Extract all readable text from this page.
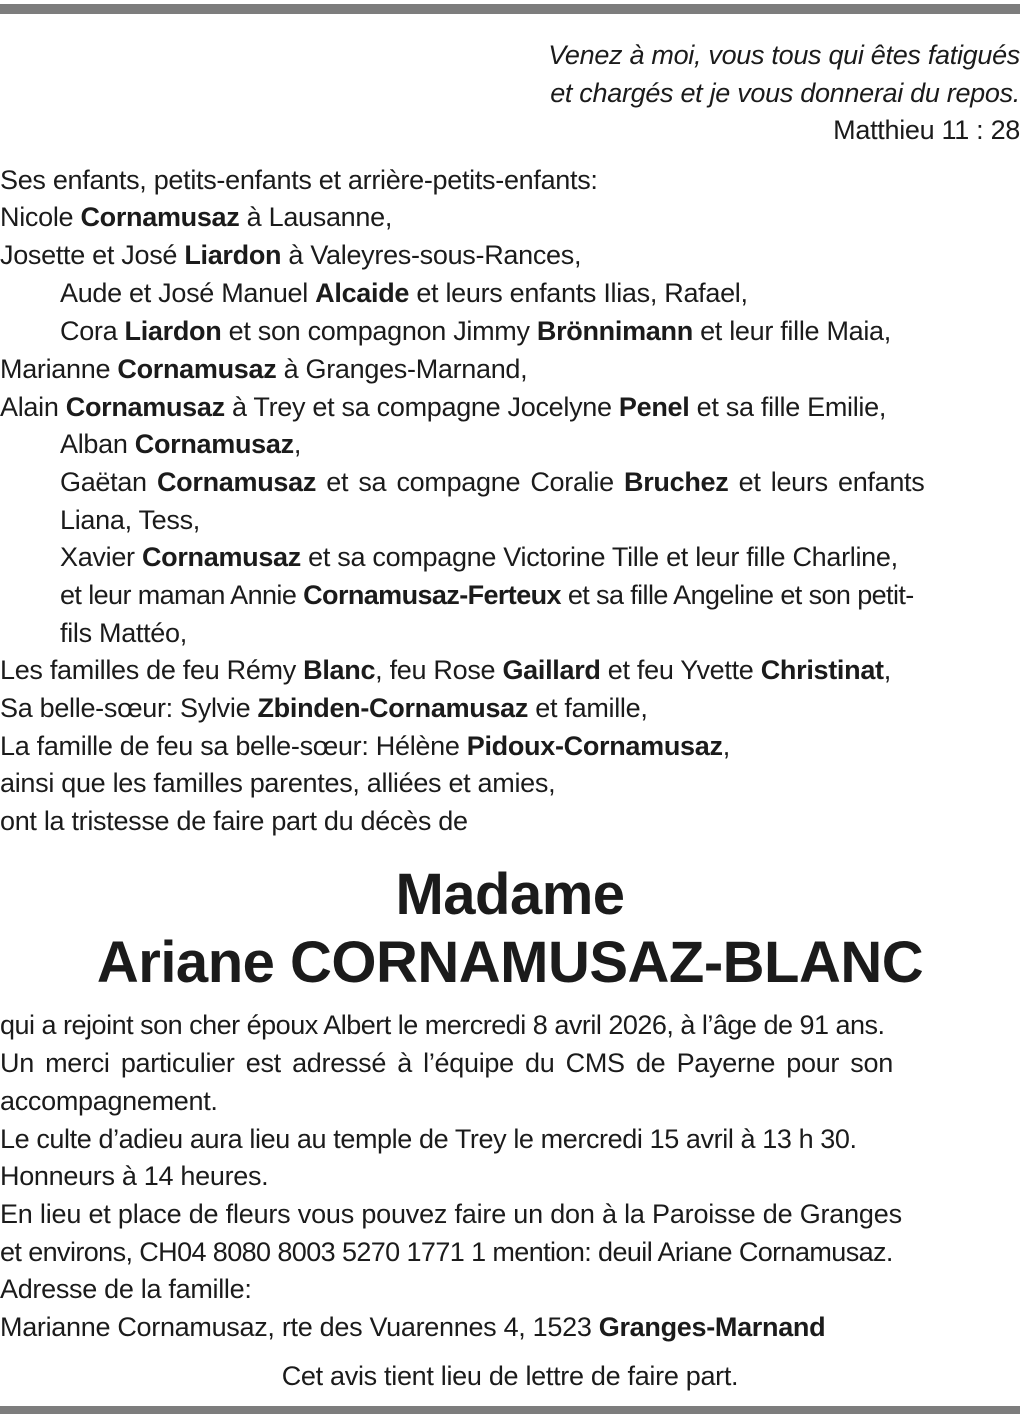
Venez à moi, vous tous qui êtes fatigués
et chargés et je vous donnerai du repos.
Matthieu 11 : 28
Ses enfants, petits-enfants et arrière-petits-enfants:
Nicole Cornamusaz à Lausanne,
Josette et José Liardon à Valeyres-sous-Rances,
Aude et José Manuel Alcaide et leurs enfants Ilias, Rafael,
Cora Liardon et son compagnon Jimmy Brönnimann et leur fille Maia,
Marianne Cornamusaz à Granges-Marnand,
Alain Cornamusaz à Trey et sa compagne Jocelyne Penel et sa fille Emilie,
Alban Cornamusaz,
Gaëtan Cornamusaz et sa compagne Coralie Bruchez et leurs enfants
Liana, Tess,
Xavier Cornamusaz et sa compagne Victorine Tille et leur fille Charline,
et leur maman Annie Cornamusaz-Ferteux et sa fille Angeline et son petit-
fils Mattéo,
Les familles de feu Rémy Blanc, feu Rose Gaillard et feu Yvette Christinat,
Sa belle-sœur: Sylvie Zbinden-Cornamusaz et famille,
La famille de feu sa belle-sœur: Hélène Pidoux-Cornamusaz,
ainsi que les familles parentes, alliées et amies,
ont la tristesse de faire part du décès de
Madame
Ariane CORNAMUSAZ-BLANC
qui a rejoint son cher époux Albert le mercredi 8 avril 2026, à l’âge de 91 ans.
Un merci particulier est adressé à l’équipe du CMS de Payerne pour son
accompagnement.
Le culte d’adieu aura lieu au temple de Trey le mercredi 15 avril à 13 h 30.
Honneurs à 14 heures.
En lieu et place de fleurs vous pouvez faire un don à la Paroisse de Granges
et environs, CH04 8080 8003 5270 1771 1 mention: deuil Ariane Cornamusaz.
Adresse de la famille:
Marianne Cornamusaz, rte des Vuarennes 4, 1523 Granges-Marnand
Cet avis tient lieu de lettre de faire part.
